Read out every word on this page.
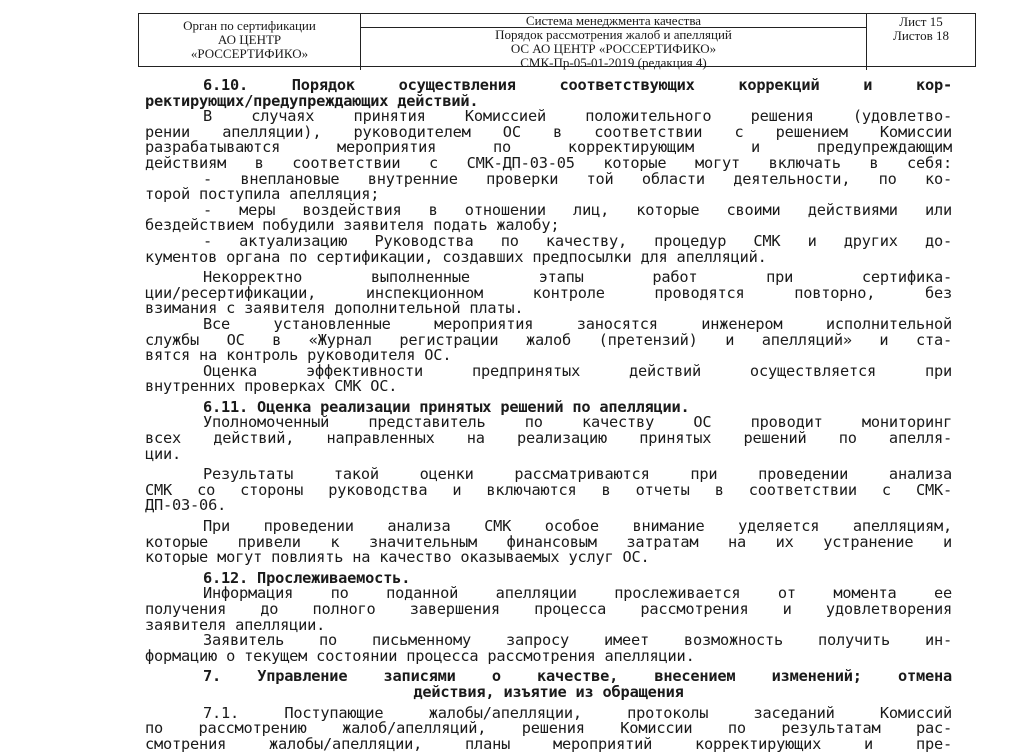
Орган по сертификации
АО ЦЕНТР
«РОССЕРТИФИКО»
Система менеджмента качества
Порядок рассмотрения жалоб и апелляций
ОС АО ЦЕНТР «РОССЕРТИФИКО»
СМК-Пр-05-01-2019 (редакция 4)
Лист 15
Листов 18
6.10. Порядок осуществления соответствующих коррекций и кор-
ректирующих/предупреждающих действий.
В случаях принятия Комиссией положительного решения (удовлетво-
рении апелляции), руководителем ОС в соответствии с решением Комиссии
разрабатываются мероприятия по корректирующим и предупреждающим
действиям в соответствии с СМК-ДП-03-05 которые могут включать в себя:
- внеплановые внутренние проверки той области деятельности, по ко-
торой поступила апелляция;
- меры воздействия в отношении лиц, которые своими действиями или
бездействием побудили заявителя подать жалобу;
- актуализацию Руководства по качеству, процедур СМК и других до-
кументов органа по сертификации, создавших предпосылки для апелляций.
Некорректно выполненные этапы работ при сертифика-
ции/ресертификации, инспекционном контроле проводятся повторно, без
взимания с заявителя дополнительной платы.
Все установленные мероприятия заносятся инженером исполнительной
службы ОС в «Журнал регистрации жалоб (претензий) и апелляций» и ста-
вятся на контроль руководителя ОС.
Оценка эффективности предпринятых действий осуществляется при
внутренних проверках СМК ОС.
6.11. Оценка реализации принятых решений по апелляции.
Уполномоченный представитель по качеству ОС проводит мониторинг
всех действий, направленных на реализацию принятых решений по апелля-
ции.
Результаты такой оценки рассматриваются при проведении анализа
СМК со стороны руководства и включаются в отчеты в соответствии с СМК-
ДП-03-06.
При проведении анализа СМК особое внимание уделяется апелляциям,
которые привели к значительным финансовым затратам на их устранение и
которые могут повлиять на качество оказываемых услуг ОС.
6.12. Прослеживаемость.
Информация по поданной апелляции прослеживается от момента ее
получения до полного завершения процесса рассмотрения и удовлетворения
заявителя апелляции.
Заявитель по письменному запросу имеет возможность получить ин-
формацию о текущем состоянии процесса рассмотрения апелляции.
7. Управление записями о качестве, внесением изменений; отмена
действия, изъятие из обращения
7.1. Поступающие жалобы/апелляции, протоколы заседаний Комиссий
по рассмотрению жалоб/апелляций, решения Комиссии по результатам рас-
смотрения жалобы/апелляции, планы мероприятий корректирующих и пре-
